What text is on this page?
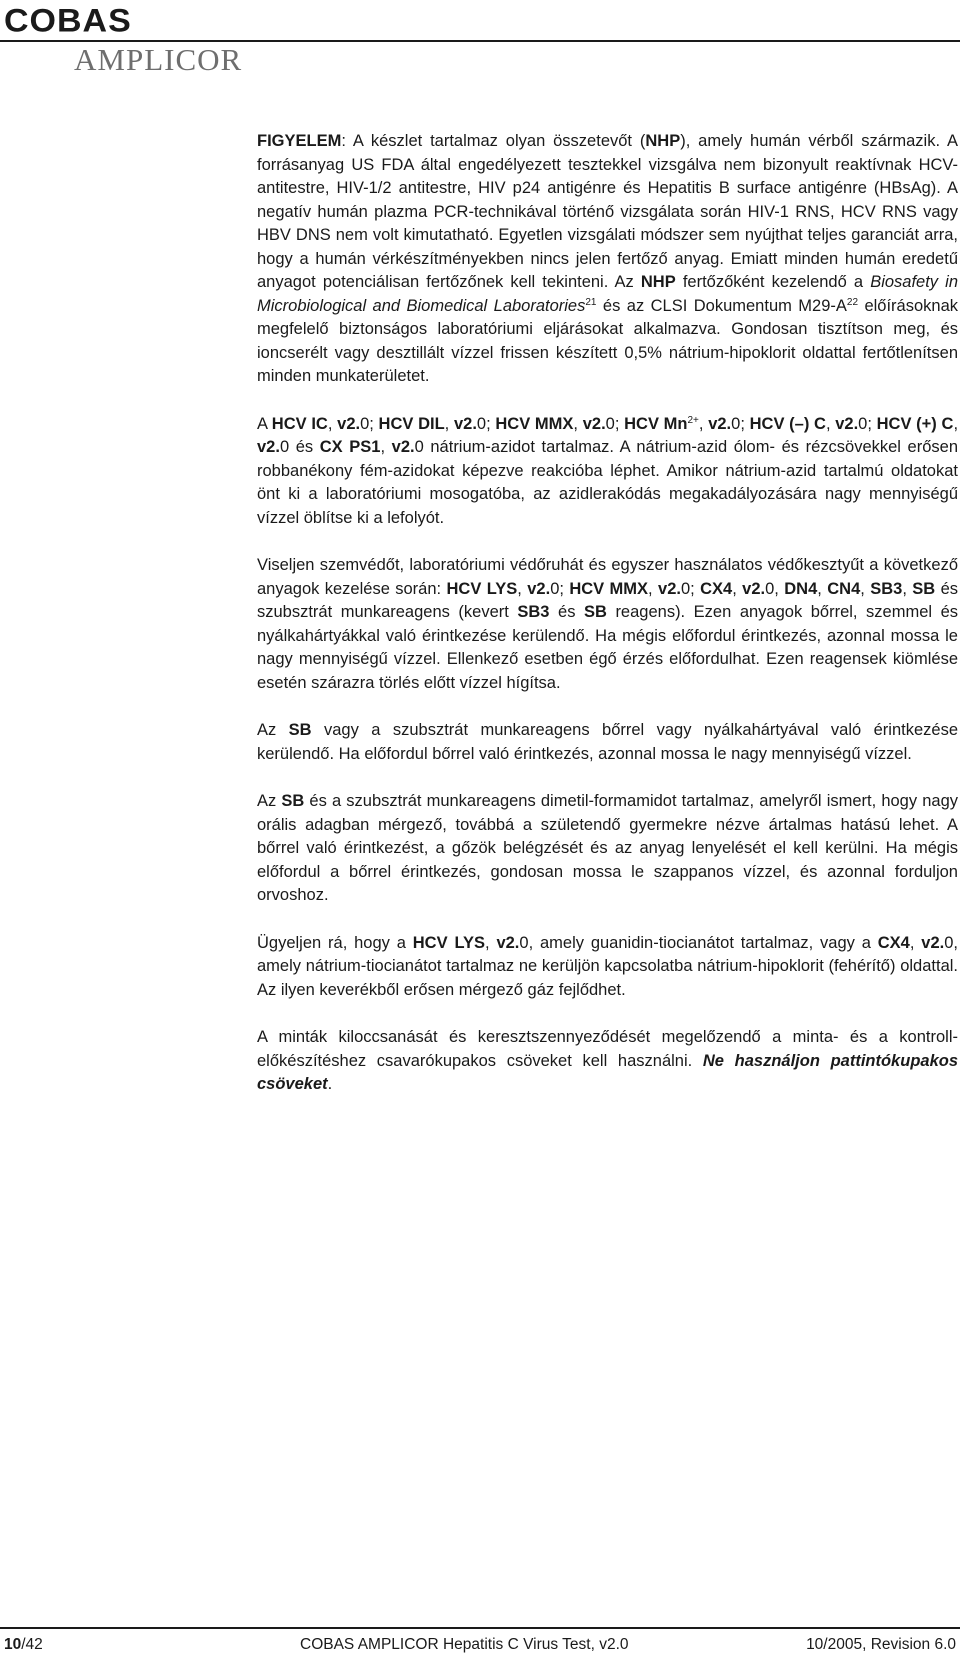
COBAS
AMPLICOR

FIGYELEM: A készlet tartalmaz olyan összetevőt (NHP), amely humán vérből származik. A forrásanyag US FDA által engedélyezett tesztekkel vizsgálva nem bizonyult reaktívnak HCV-antitestre, HIV-1/2 antitestre, HIV p24 antigénre és Hepatitis B surface antigénre (HBsAg). A negatív humán plazma PCR-technikával történő vizsgálata során HIV-1 RNS, HCV RNS vagy HBV DNS nem volt kimutatható. Egyetlen vizsgálati módszer sem nyújthat teljes garanciát arra, hogy a humán vérkészítményekben nincs jelen fertőző anyag. Emiatt minden humán eredetű anyagot potenciálisan fertőzőnek kell tekinteni. Az NHP fertőzőként kezelendő a Biosafety in Microbiological and Biomedical Laboratories$^{21}$ és az CLSI Dokumentum $M29-A^{22}$ előírásoknak megfelelő biztonságos laboratóriumi eljárásokat alkalmazva. Gondosan tisztítson meg, és ioncserélt vagy desztillált vízzel frissen készített 0,5% nátrium-hipoklorit oldattal fertőtlenítsen minden munkaterületet.

A HCV IC, v2.0; HCV DIL, v2.0; HCV MMX, v2.0; HCV $Mn^{2+}$, v2.0; HCV (–) C, v2.0; HCV (+) C, v2.0 és CX PS1, v2.0 nátrium-azidot tartalmaz. A nátrium-azid ólom- és rézcsövekkel erősen robbanékony fém-azidokat képezve reakcióba léphet. Amikor nátrium-azid tartalmú oldatokat önt ki a laboratóriumi mosogatóba, az azidlerakódás megakadályozására nagy mennyiségű vízzel öblítse ki a lefolyót.

Viseljen szemvédőt, laboratóriumi védőruhát és egyszer használatos védőkesztyűt a következő anyagok kezelése során: HCV LYS, v2.0; HCV MMX, v2.0; CX4, v2.0, DN4, CN4, SB3, SB és szubsztrát munkareagens (kevert SB3 és SB reagens). Ezen anyagok bőrrel, szemmel és nyálkahártyákkal való érintkezése kerülendő. Ha mégis előfordul érintkezés, azonnal mossa le nagy mennyiségű vízzel. Ellenkező esetben égő érzés előfordulhat. Ezen reagensek kiömlése esetén szárazra törlés előtt vízzel hígítsa.

Az SB vagy a szubsztrát munkareagens bőrrel vagy nyálkahártyával való érintkezése kerülendő. Ha előfordul bőrrel való érintkezés, azonnal mossa le nagy mennyiségű vízzel.

Az SB és a szubsztrát munkareagens dimetil-formamidot tartalmaz, amelyről ismert, hogy nagy orális adagban mérgező, továbbá a születendő gyermekre nézve ártalmas hatású lehet. A bőrrel való érintkezést, a gőzök belégzését és az anyag lenyelését el kell kerülni. Ha mégis előfordul a bőrrel érintkezés, gondosan mossa le szappanos vízzel, és azonnal forduljon orvoshoz.

Ügyeljen rá, hogy a HCV LYS, v2.0, amely guanidin-tiocianátot tartalmaz, vagy a CX4, v2.0, amely nátrium-tiocianátot tartalmaz ne kerüljön kapcsolatba nátrium-hipoklorit (fehérítő) oldattal. Az ilyen keverékből erősen mérgező gáz fejlődhet.

A minták kiloccsanását és keresztszennyeződését megelőzendő a minta- és a kontroll-előkészítéshez csavarókupakos csöveket kell használni. Ne használjon pattintókupakos csöveket.

10/42	COBAS AMPLICOR Hepatitis C Virus Test, v2.0	10/2005, Revision 6.0
